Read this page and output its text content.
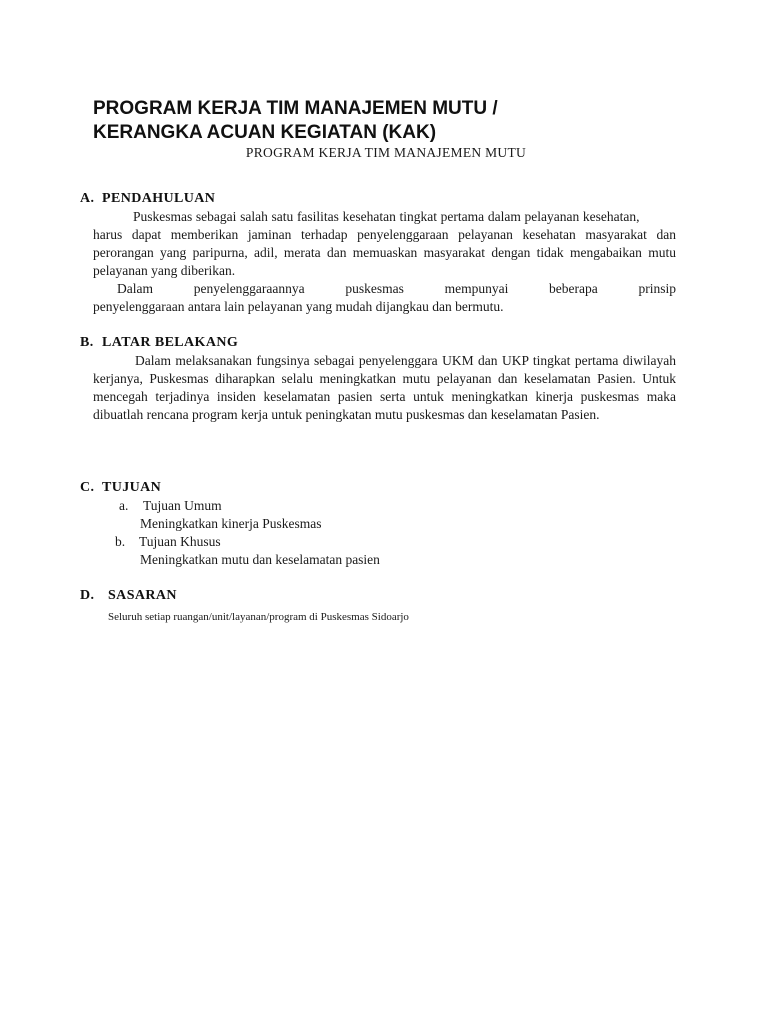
PROGRAM KERJA TIM MANAJEMEN MUTU /
KERANGKA ACUAN KEGIATAN (KAK)
PROGRAM KERJA TIM MANAJEMEN MUTU
A. PENDAHULUAN

Puskesmas sebagai salah satu fasilitas kesehatan tingkat pertama dalam pelayanan kesehatan,           harus dapat memberikan jaminan terhadap penyelenggaraan pelayanan kesehatan masyarakat dan perorangan yang paripurna, adil, merata dan memuaskan masyarakat dengan tidak mengabaikan mutu pelayanan yang diberikan.

Dalam penyelenggaraannya puskesmas mempunyai beberapa prinsip

penyelenggaraan antara lain pelayanan yang mudah dijangkau dan bermutu.

B. LATAR BELAKANG

Dalam melaksanakan fungsinya sebagai penyelenggara UKM dan UKP tingkat pertama diwilayah kerjanya, Puskesmas diharapkan selalu meningkatkan mutu pelayanan dan keselamatan Pasien. Untuk mencegah terjadinya insiden keselamatan pasien serta untuk meningkatkan kinerja puskesmas maka dibuatlah rencana program kerja untuk peningkatan mutu puskesmas dan keselamatan Pasien.

C. TUJUAN
a. Tujuan Umum
Meningkatkan kinerja Puskesmas
b. Tujuan Khusus
Meningkatkan mutu dan keselamatan pasien
D. SASARAN

Seluruh setiap ruangan/unit/layanan/program di Puskesmas Sidoarjo
